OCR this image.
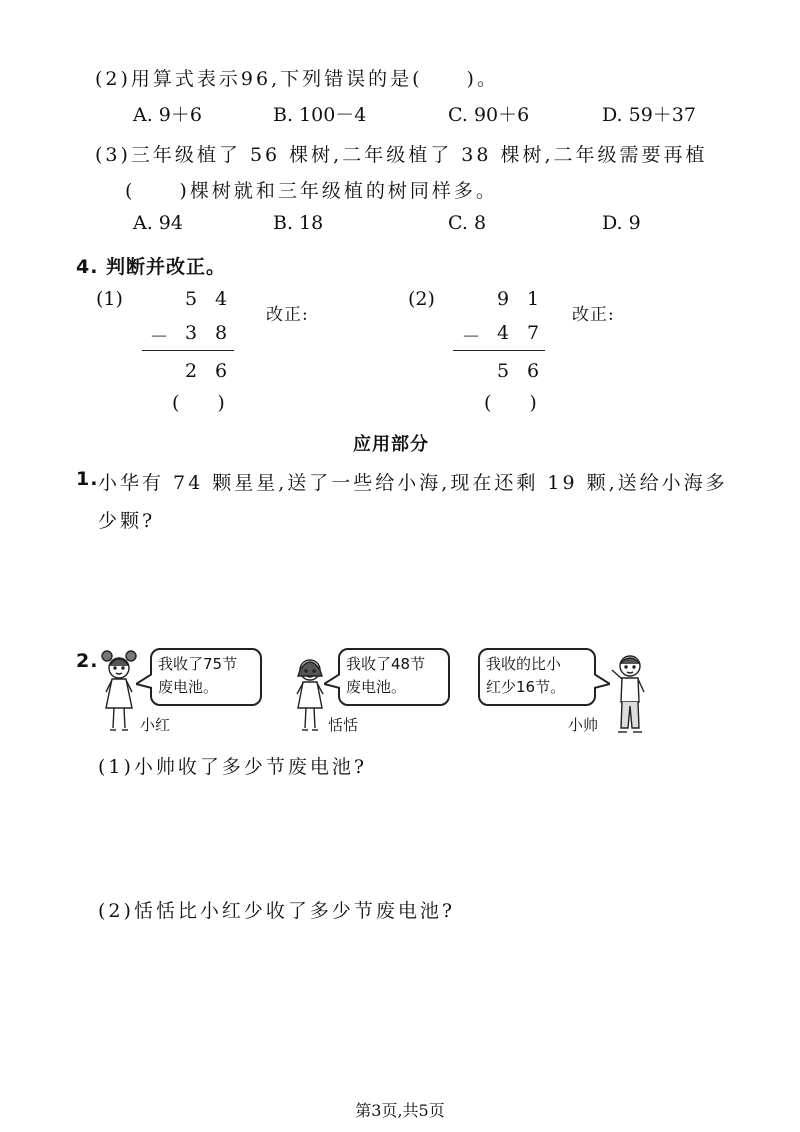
(2)用算式表示96,下列错误的是(　　)。
A. 9＋6	B. 100－4	C. 90＋6	D. 59＋37
(3)三年级植了 56 棵树,二年级植了 38 棵树,二年级需要再植
(　　)棵树就和三年级植的树同样多。
A. 94	B. 18	C. 8	D. 9
4. 判断并改正。
(1)	5 4
－ 3 8
2 6
(　　)
改正:
(2)	9 1
－ 4 7
5 6
(　　)
改正:
应用部分
1. 小华有 74 颗星星,送了一些给小海,现在还剩 19 颗,送给小海多
少颗?
2.
小红
我收了75节
废电池。
恬恬
我收了48节
废电池。
我收的比小
红少16节。
小帅
(1)小帅收了多少节废电池?
(2)恬恬比小红少收了多少节废电池?
第3页,共5页
